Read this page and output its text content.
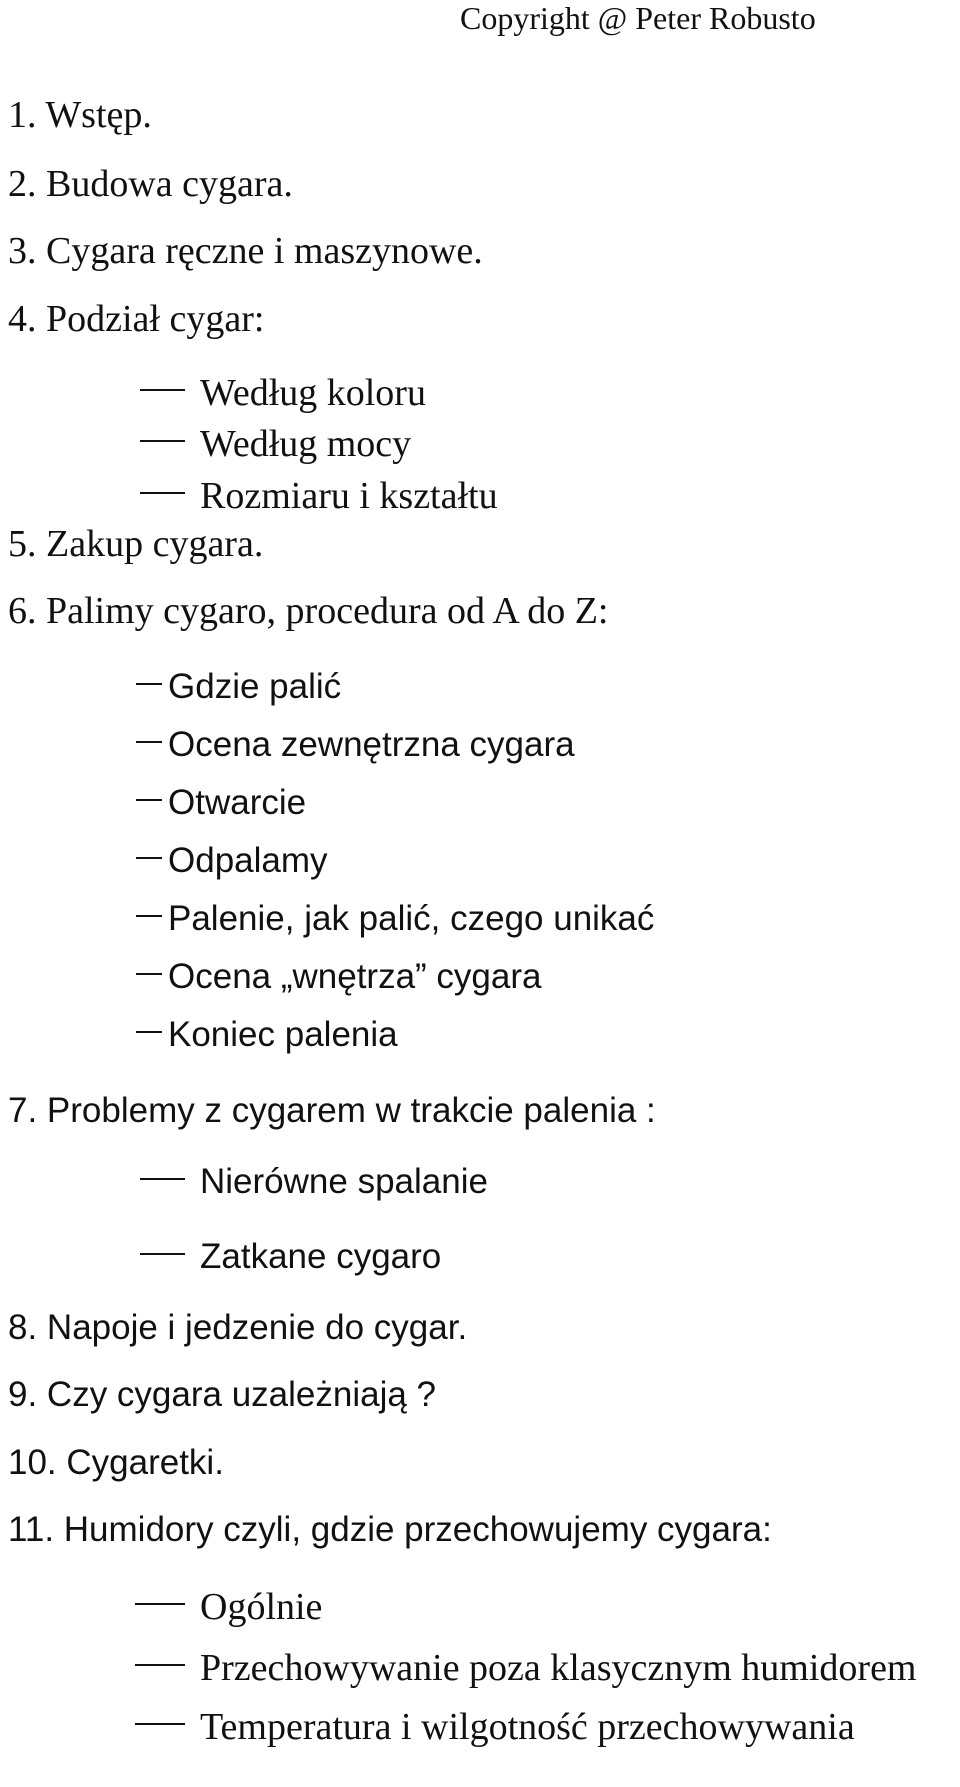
Copyright @ Peter Robusto
1. Wstęp.
2. Budowa cygara.
3. Cygara ręczne i maszynowe.
4. Podział cygar:
Według koloru
Według mocy
Rozmiaru i kształtu
5. Zakup cygara.
6. Palimy cygaro, procedura od A do Z:
Gdzie palić
Ocena zewnętrzna cygara
Otwarcie
Odpalamy
Palenie, jak palić, czego unikać
Ocena „wnętrza” cygara
Koniec palenia
7. Problemy z cygarem w trakcie palenia :
Nierówne spalanie
Zatkane cygaro
8. Napoje i jedzenie do cygar.
9. Czy cygara uzależniają ?
10. Cygaretki.
11. Humidory czyli, gdzie przechowujemy cygara:
Ogólnie
Przechowywanie poza klasycznym humidorem
Temperatura i wilgotność przechowywania
